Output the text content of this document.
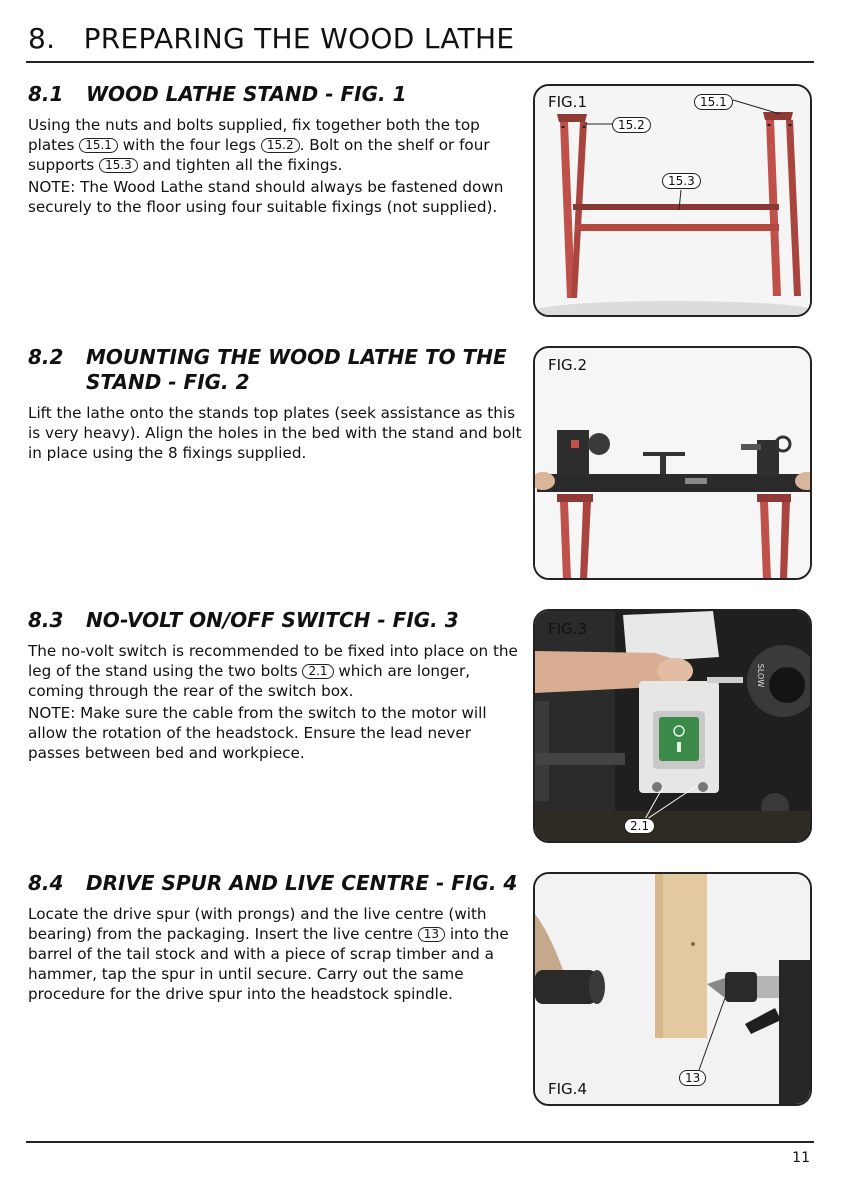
8. PREPARING THE WOOD LATHE
8.1	WOOD LATHE STAND - FIG. 1

Using the nuts and bolts supplied, fix together both the top plates 15.1 with the four legs 15.2 . Bolt on the shelf or four supports 15.3 and tighten all the fixings.

NOTE: The Wood Lathe stand should always be fastened down securely to the floor using four suitable fixings (not supplied).

8.2	MOUNTING THE WOOD LATHE TO THE STAND - FIG. 2

Lift the lathe onto the stands top plates (seek assistance as this is very heavy). Align the holes in the bed with the stand and bolt in place using the 8 fixings supplied.

8.3	NO-VOLT ON/OFF SWITCH - FIG. 3

The no-volt switch is recommended to be fixed into place on the leg of the stand using the two bolts 2.1 which are longer, coming through the rear of the switch box.

NOTE: Make sure the cable from the switch to the motor will allow the rotation of the headstock. Ensure the lead never passes between bed and workpiece.

8.4	DRIVE SPUR AND LIVE CENTRE - FIG. 4

Locate the drive spur (with prongs) and the live centre (with bearing) from the packaging. Insert the live centre 13 into the barrel of the tail stock and with a piece of scrap timber and a hammer, tap the spur in until secure. Carry out the same procedure for the drive spur into the headstock spindle.

FIG.1
15.2
15.1
15.3
FIG.2
FIG.3
SLOW
2.1
FIG.4
13
11
